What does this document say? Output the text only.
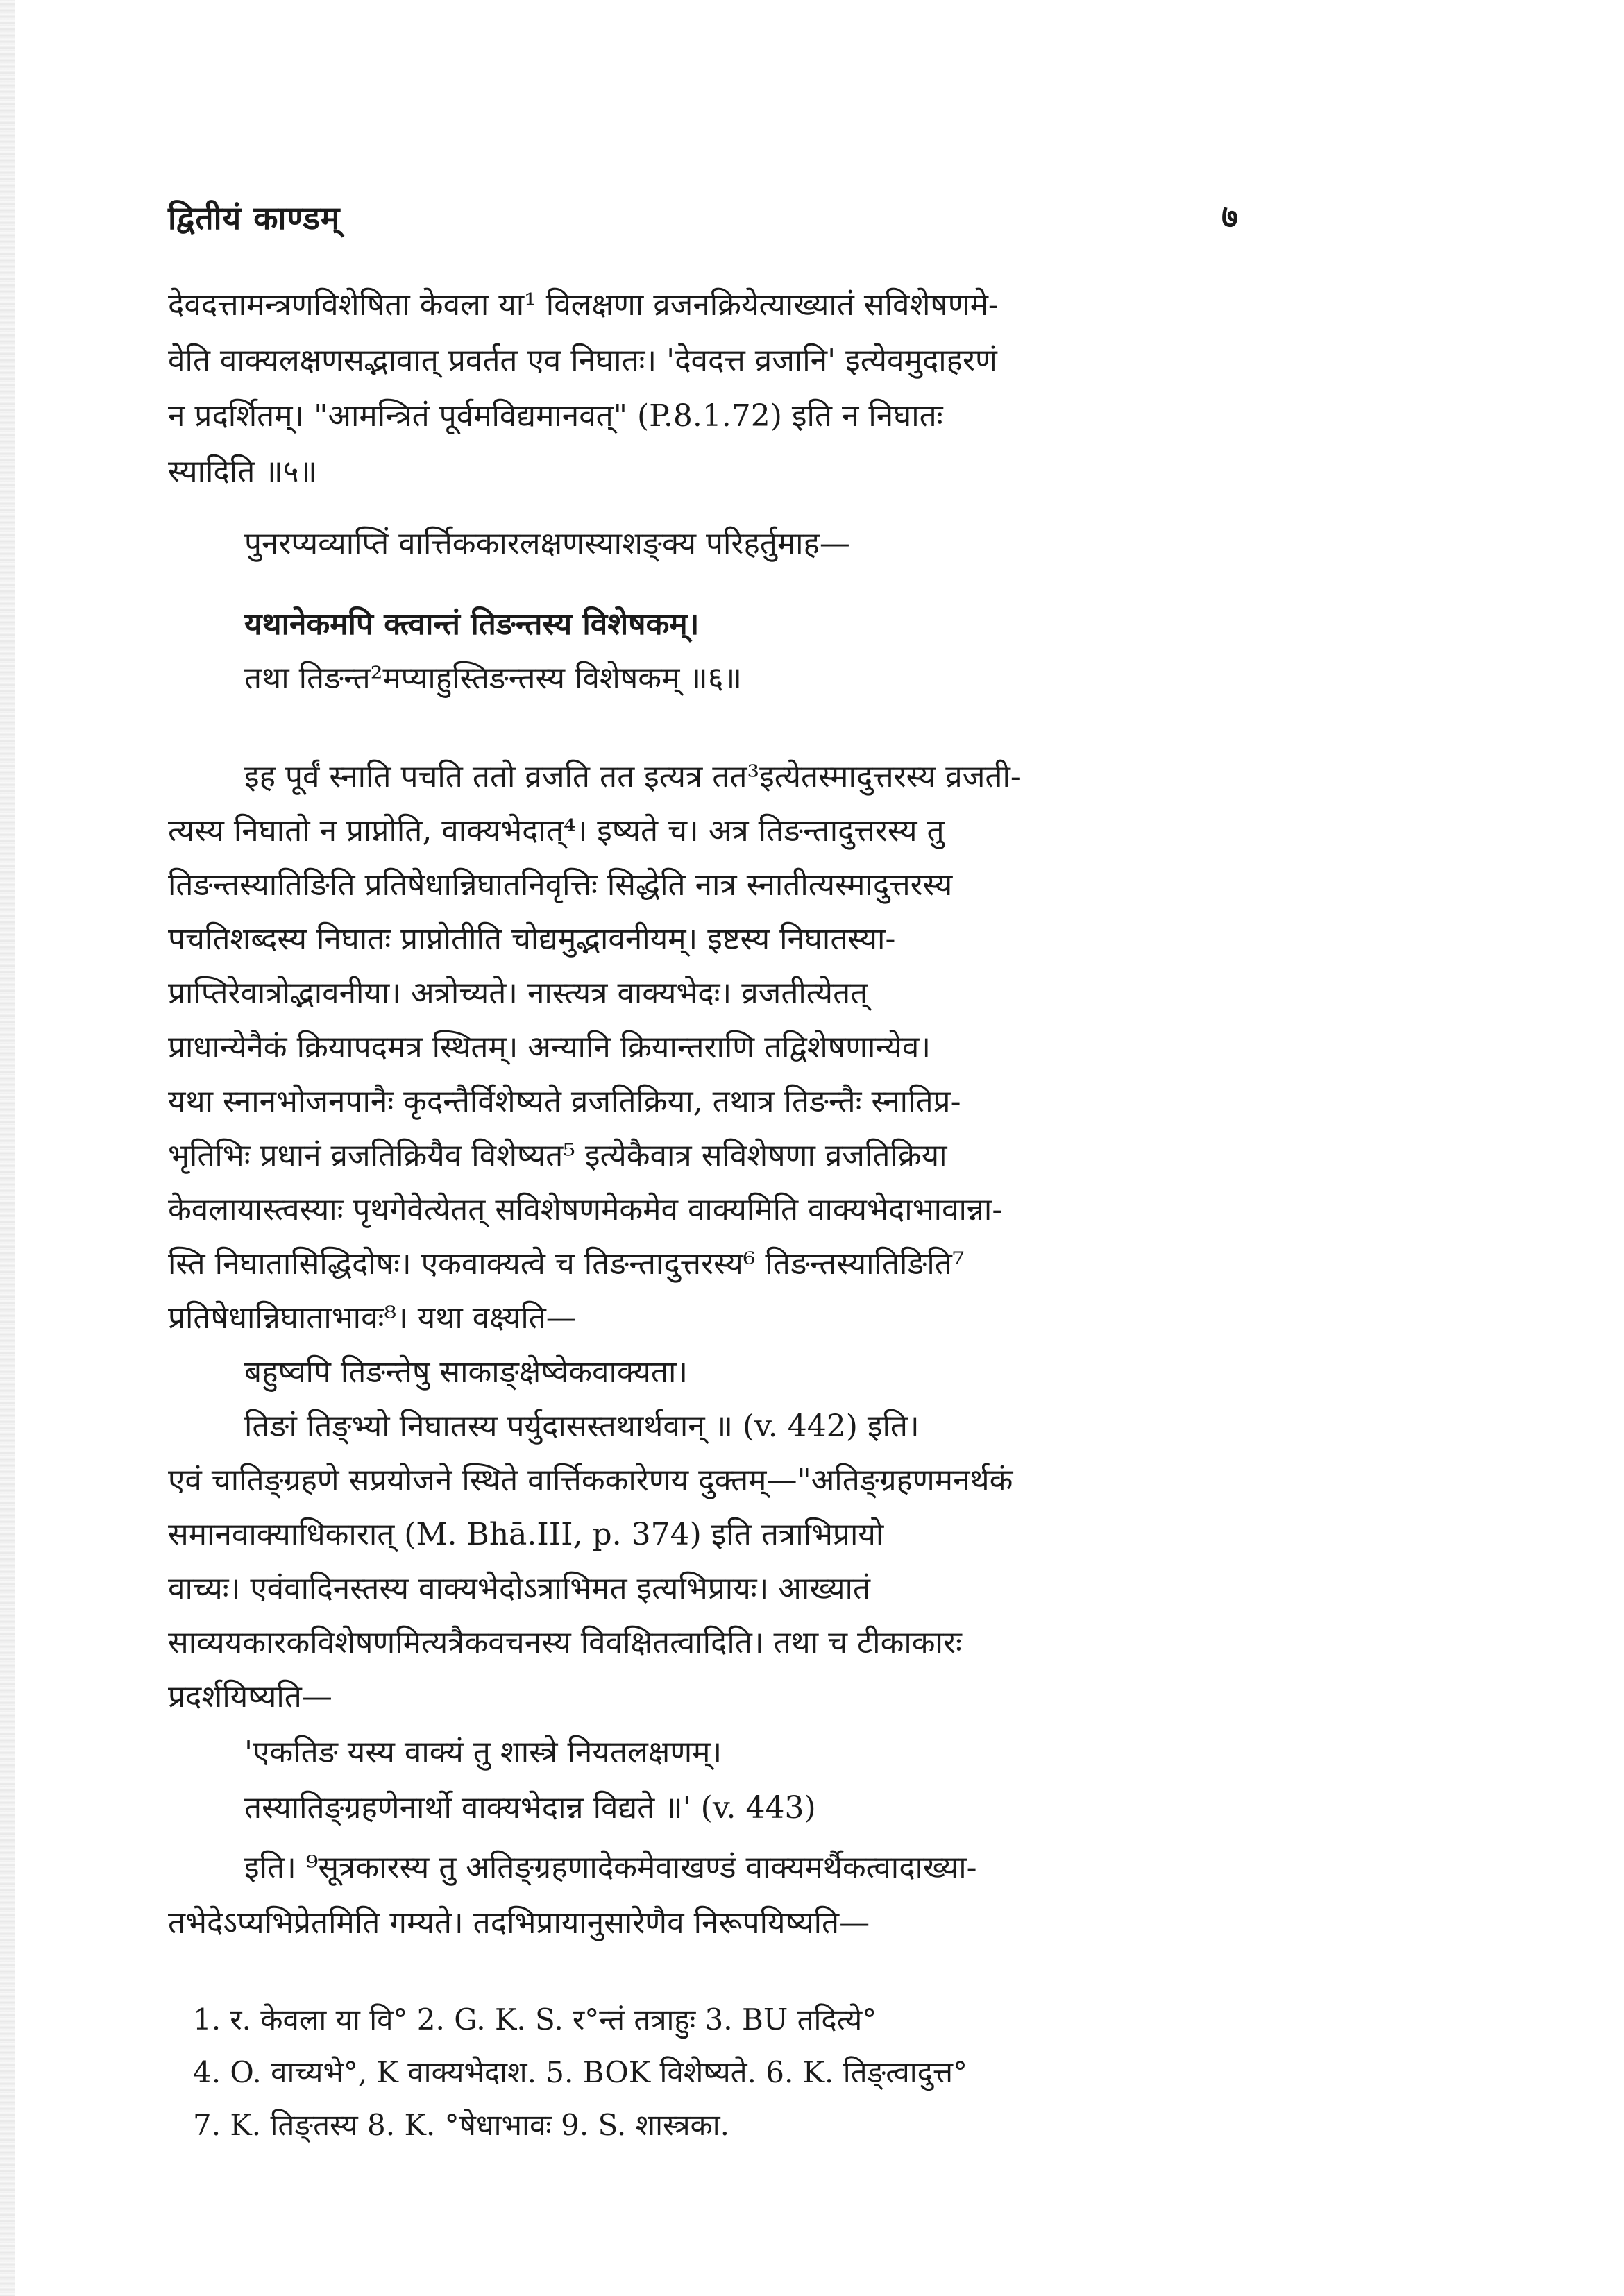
द्वितीयं काण्डम्	७
देवदत्तामन्त्रणविशेषिता केवला या¹ विलक्षणा व्रजनक्रियेत्याख्यातं सविशेषणमे-
वेति वाक्यलक्षणसद्भावात् प्रवर्तत एव निघातः। 'देवदत्त व्रजानि' इत्येवमुदाहरणं
न प्रदर्शितम्। "आमन्त्रितं पूर्वमविद्यमानवत्" (P.8.1.72) इति न निघातः
स्यादिति ॥५॥
पुनरप्यव्याप्तिं वार्त्तिककारलक्षणस्याशङ्क्य परिहर्तुमाह—
यथानेकमपि क्त्वान्तं तिङन्तस्य विशेषकम्।
तथा तिङन्त²मप्याहुस्तिङन्तस्य विशेषकम् ॥६॥
इह पूर्वं स्नाति पचति ततो व्रजति तत इत्यत्र तत³इत्येतस्मादुत्तरस्य व्रजती-
त्यस्य निघातो न प्राप्नोति, वाक्यभेदात्⁴। इष्यते च। अत्र तिङन्तादुत्तरस्य तु
तिङन्तस्यातिङिति प्रतिषेधान्निघातनिवृत्तिः सिद्धेति नात्र स्नातीत्यस्मादुत्तरस्य
पचतिशब्दस्य निघातः प्राप्नोतीति चोद्यमुद्भावनीयम्। इष्टस्य निघातस्या-
प्राप्तिरेवात्रोद्भावनीया। अत्रोच्यते। नास्त्यत्र वाक्यभेदः। व्रजतीत्येतत्
प्राधान्येनैकं क्रियापदमत्र स्थितम्। अन्यानि क्रियान्तराणि तद्विशेषणान्येव।
यथा स्नानभोजनपानैः कृदन्तैर्विशेष्यते व्रजतिक्रिया, तथात्र तिङन्तैः स्नातिप्र-
भृतिभिः प्रधानं व्रजतिक्रियैव विशेष्यत⁵ इत्येकैवात्र सविशेषणा व्रजतिक्रिया
केवलायास्त्वस्याः पृथगेवेत्येतत् सविशेषणमेकमेव वाक्यमिति वाक्यभेदाभावान्ना-
स्ति निघातासिद्धिदोषः। एकवाक्यत्वे च तिङन्तादुत्तरस्य⁶ तिङन्तस्यातिङिति⁷
प्रतिषेधान्निघाताभावः⁸। यथा वक्ष्यति—
बहुष्वपि तिङन्तेषु साकाङ्क्षेष्वेकवाक्यता।
तिङां तिङ्भ्यो निघातस्य पर्युदासस्तथार्थवान् ॥ (v. 442) इति।
एवं चातिङ्ग्रहणे सप्रयोजने स्थिते वार्त्तिककारेणय दुक्तम्—"अतिङ्ग्रहणमनर्थकं
समानवाक्याधिकारात् (M. Bhā.III, p. 374) इति तत्राभिप्रायो
वाच्यः। एवंवादिनस्तस्य वाक्यभेदोऽत्राभिमत इत्यभिप्रायः। आख्यातं
साव्ययकारकविशेषणमित्यत्रैकवचनस्य विवक्षितत्वादिति। तथा च टीकाकारः
प्रदर्शयिष्यति—
'एकतिङ यस्य वाक्यं तु शास्त्रे नियतलक्षणम्।
तस्यातिङ्ग्रहणेनार्थो वाक्यभेदान्न विद्यते ॥' (v. 443)
इति। ⁹सूत्रकारस्य तु अतिङ्ग्रहणादेकमेवाखण्डं वाक्यमर्थैकत्वादाख्या-
तभेदेऽप्यभिप्रेतमिति गम्यते। तदभिप्रायानुसारेणैव निरूपयिष्यति—
1. र. केवला या वि° 2. G. K. S. र°न्तं तत्राहुः 3. BU तदित्ये°
4. O. वाच्यभे°, K वाक्यभेदाश. 5. BOK विशेष्यते. 6. K. तिङ्‌त्वादुत्त°
7. K. तिङ्‌तस्य 8. K. °षेधाभावः 9. S. शास्त्रका.
